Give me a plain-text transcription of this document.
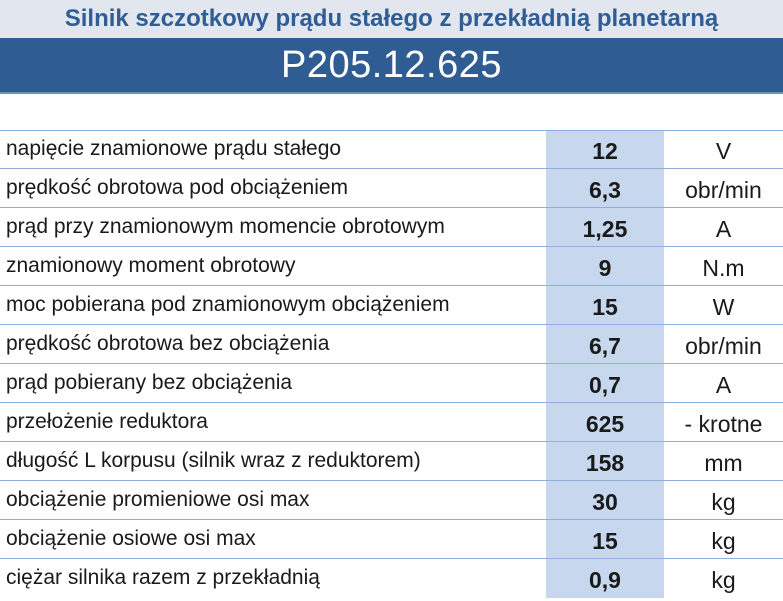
Silnik szczotkowy prądu stałego z przekładnią planetarną
P205.12.625
napięcie znamionowe prądu stałego	12	V
prędkość obrotowa pod obciążeniem	6,3	obr/min
prąd przy znamionowym momencie obrotowym	1,25	A
znamionowy moment obrotowy	9	N.m
moc pobierana pod znamionowym obciążeniem	15	W
prędkość obrotowa bez obciążenia	6,7	obr/min
prąd pobierany bez obciążenia	0,7	A
przełożenie reduktora	625	- krotne
długość L korpusu (silnik wraz z reduktorem)	158	mm
obciążenie promieniowe osi max	30	kg
obciążenie osiowe osi max	15	kg
ciężar silnika razem z przekładnią	0,9	kg
